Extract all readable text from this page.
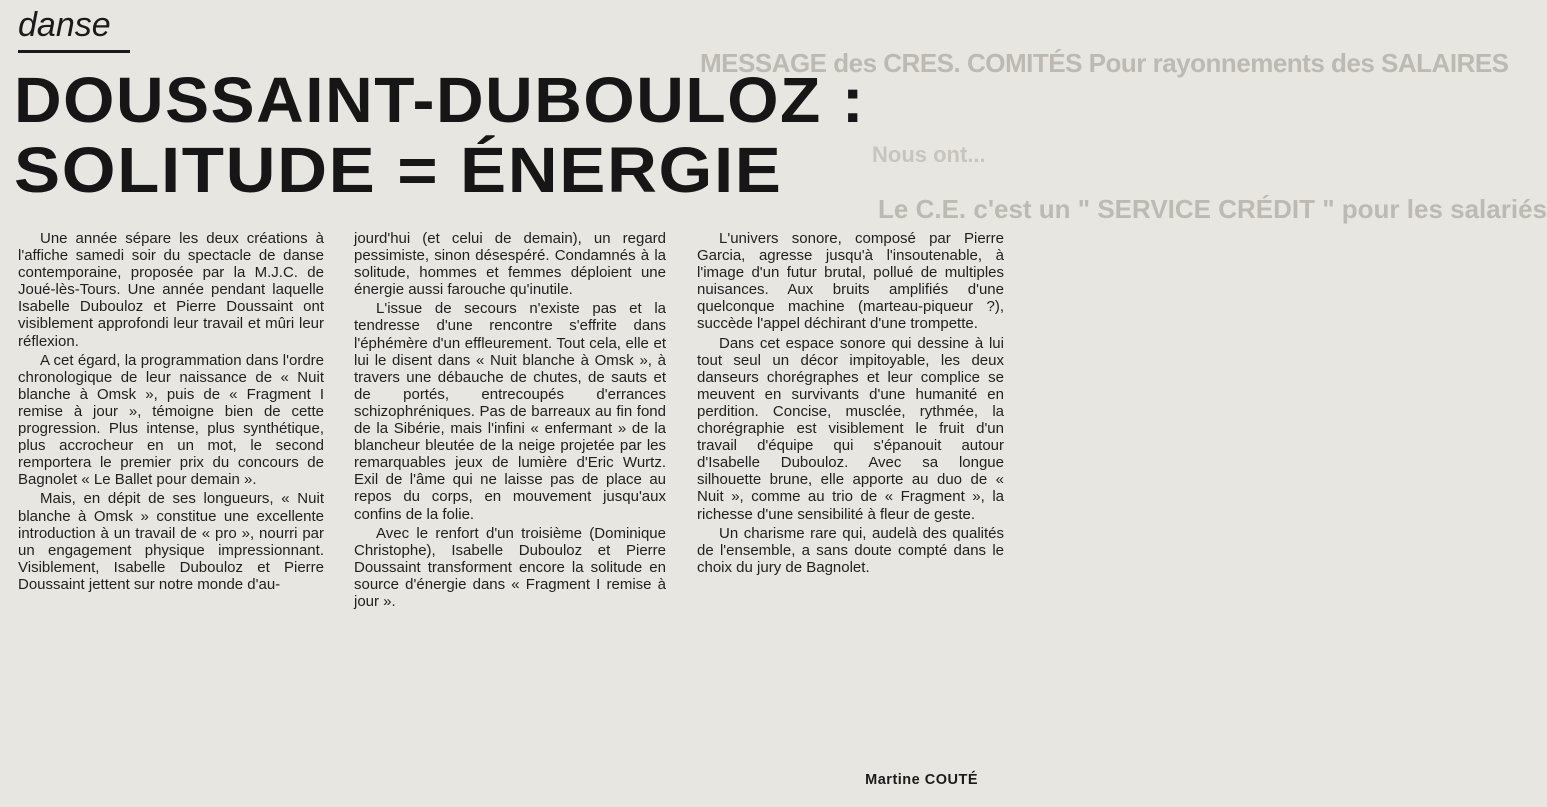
MESSAGE des CRES. COMITÉS Pour rayonnements des SALAIRES
Nous ont...
Le C.E. c'est un " SERVICE CRÉDIT " pour les salariés
danse
DOUSSAINT-DUBOULOZ :
SOLITUDE = ÉNERGIE

Une année sépare les deux créations à l'affiche samedi soir du spectacle de danse contemporaine, proposée par la M.J.C. de Joué-lès-Tours. Une année pendant laquelle Isabelle Dubouloz et Pierre Doussaint ont visiblement approfondi leur travail et mûri leur réflexion.

A cet égard, la programmation dans l'ordre chronologique de leur naissance de « Nuit blanche à Omsk », puis de « Fragment I remise à jour », témoigne bien de cette progression. Plus intense, plus synthétique, plus accrocheur en un mot, le second remportera le premier prix du concours de Bagnolet « Le Ballet pour demain ».

Mais, en dépit de ses longueurs, « Nuit blanche à Omsk » constitue une excellente introduction à un travail de « pro », nourri par un engagement physique impressionnant. Visiblement, Isabelle Dubouloz et Pierre Doussaint jettent sur notre monde d'au-

jourd'hui (et celui de demain), un regard pessimiste, sinon désespéré. Condamnés à la solitude, hommes et femmes déploient une énergie aussi farouche qu'inutile.

L'issue de secours n'existe pas et la tendresse d'une rencontre s'effrite dans l'éphémère d'un effleurement. Tout cela, elle et lui le disent dans « Nuit blanche à Omsk », à travers une débauche de chutes, de sauts et de portés, entrecoupés d'errances schizophréniques. Pas de barreaux au fin fond de la Sibérie, mais l'infini « enfermant » de la blancheur bleutée de la neige projetée par les remarquables jeux de lumière d'Eric Wurtz. Exil de l'âme qui ne laisse pas de place au repos du corps, en mouvement jusqu'aux confins de la folie.

Avec le renfort d'un troisième (Dominique Christophe), Isabelle Dubouloz et Pierre Doussaint transforment encore la solitude en source d'énergie dans « Fragment I remise à jour ».

L'univers sonore, composé par Pierre Garcia, agresse jusqu'à l'insoutenable, à l'image d'un futur brutal, pollué de multiples nuisances. Aux bruits amplifiés d'une quelconque machine (marteau-piqueur ?), succède l'appel déchirant d'une trompette.

Dans cet espace sonore qui dessine à lui tout seul un décor impitoyable, les deux danseurs chorégraphes et leur complice se meuvent en survivants d'une humanité en perdition. Concise, musclée, rythmée, la chorégraphie est visiblement le fruit d'un travail d'équipe qui s'épanouit autour d'Isabelle Dubouloz. Avec sa longue silhouette brune, elle apporte au duo de « Nuit », comme au trio de « Fragment », la richesse d'une sensibilité à fleur de geste.

Un charisme rare qui, audelà des qualités de l'ensemble, a sans doute compté dans le choix du jury de Bagnolet.

Martine COUTÉ
